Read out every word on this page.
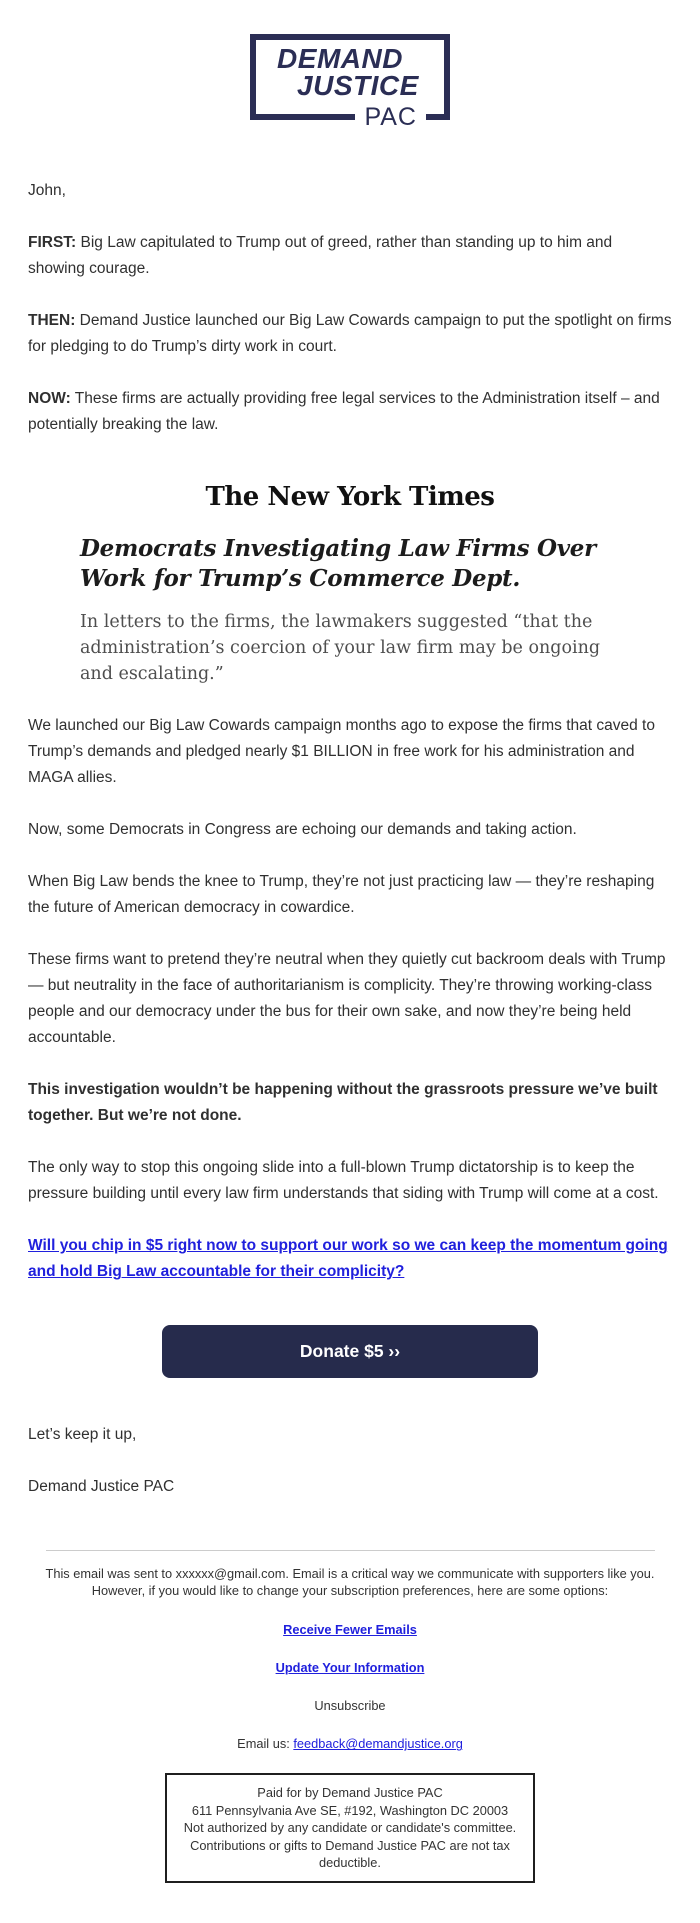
DEMAND
JUSTICE
PAC

John,

FIRST: Big Law capitulated to Trump out of greed, rather than standing up to him and showing courage.

THEN: Demand Justice launched our Big Law Cowards campaign to put the spotlight on firms for pledging to do Trump’s dirty work in court.

NOW: These firms are actually providing free legal services to the Administration itself – and potentially breaking the law.

The New York Times
Democrats Investigating Law Firms Over Work for Trump’s Commerce Dept.
In letters to the firms, the lawmakers suggested “that the administration’s coercion of your law firm may be ongoing and escalating.”

We launched our Big Law Cowards campaign months ago to expose the firms that caved to Trump’s demands and pledged nearly $1 BILLION in free work for his administration and MAGA allies.

Now, some Democrats in Congress are echoing our demands and taking action.

When Big Law bends the knee to Trump, they’re not just practicing law — they’re reshaping the future of American democracy in cowardice.

These firms want to pretend they’re neutral when they quietly cut backroom deals with Trump — but neutrality in the face of authoritarianism is complicity. They’re throwing working-class people and our democracy under the bus for their own sake, and now they’re being held accountable.

This investigation wouldn’t be happening without the grassroots pressure we’ve built together. But we’re not done.

The only way to stop this ongoing slide into a full-blown Trump dictatorship is to keep the pressure building until every law firm understands that siding with Trump will come at a cost.

Will you chip in $5 right now to support our work so we can keep the momentum going and hold Big Law accountable for their complicity?

Donate $5 ››

Let’s keep it up,

Demand Justice PAC

This email was sent to xxxxxx@gmail.com. Email is a critical way we communicate with supporters like you. However, if you would like to change your subscription preferences, here are some options:
Receive Fewer Emails
Update Your Information
Unsubscribe
Email us: feedback@demandjustice.org
Paid for by Demand Justice PAC
611 Pennsylvania Ave SE, #192, Washington DC 20003
Not authorized by any candidate or candidate's committee.
Contributions or gifts to Demand Justice PAC are not tax deductible.
